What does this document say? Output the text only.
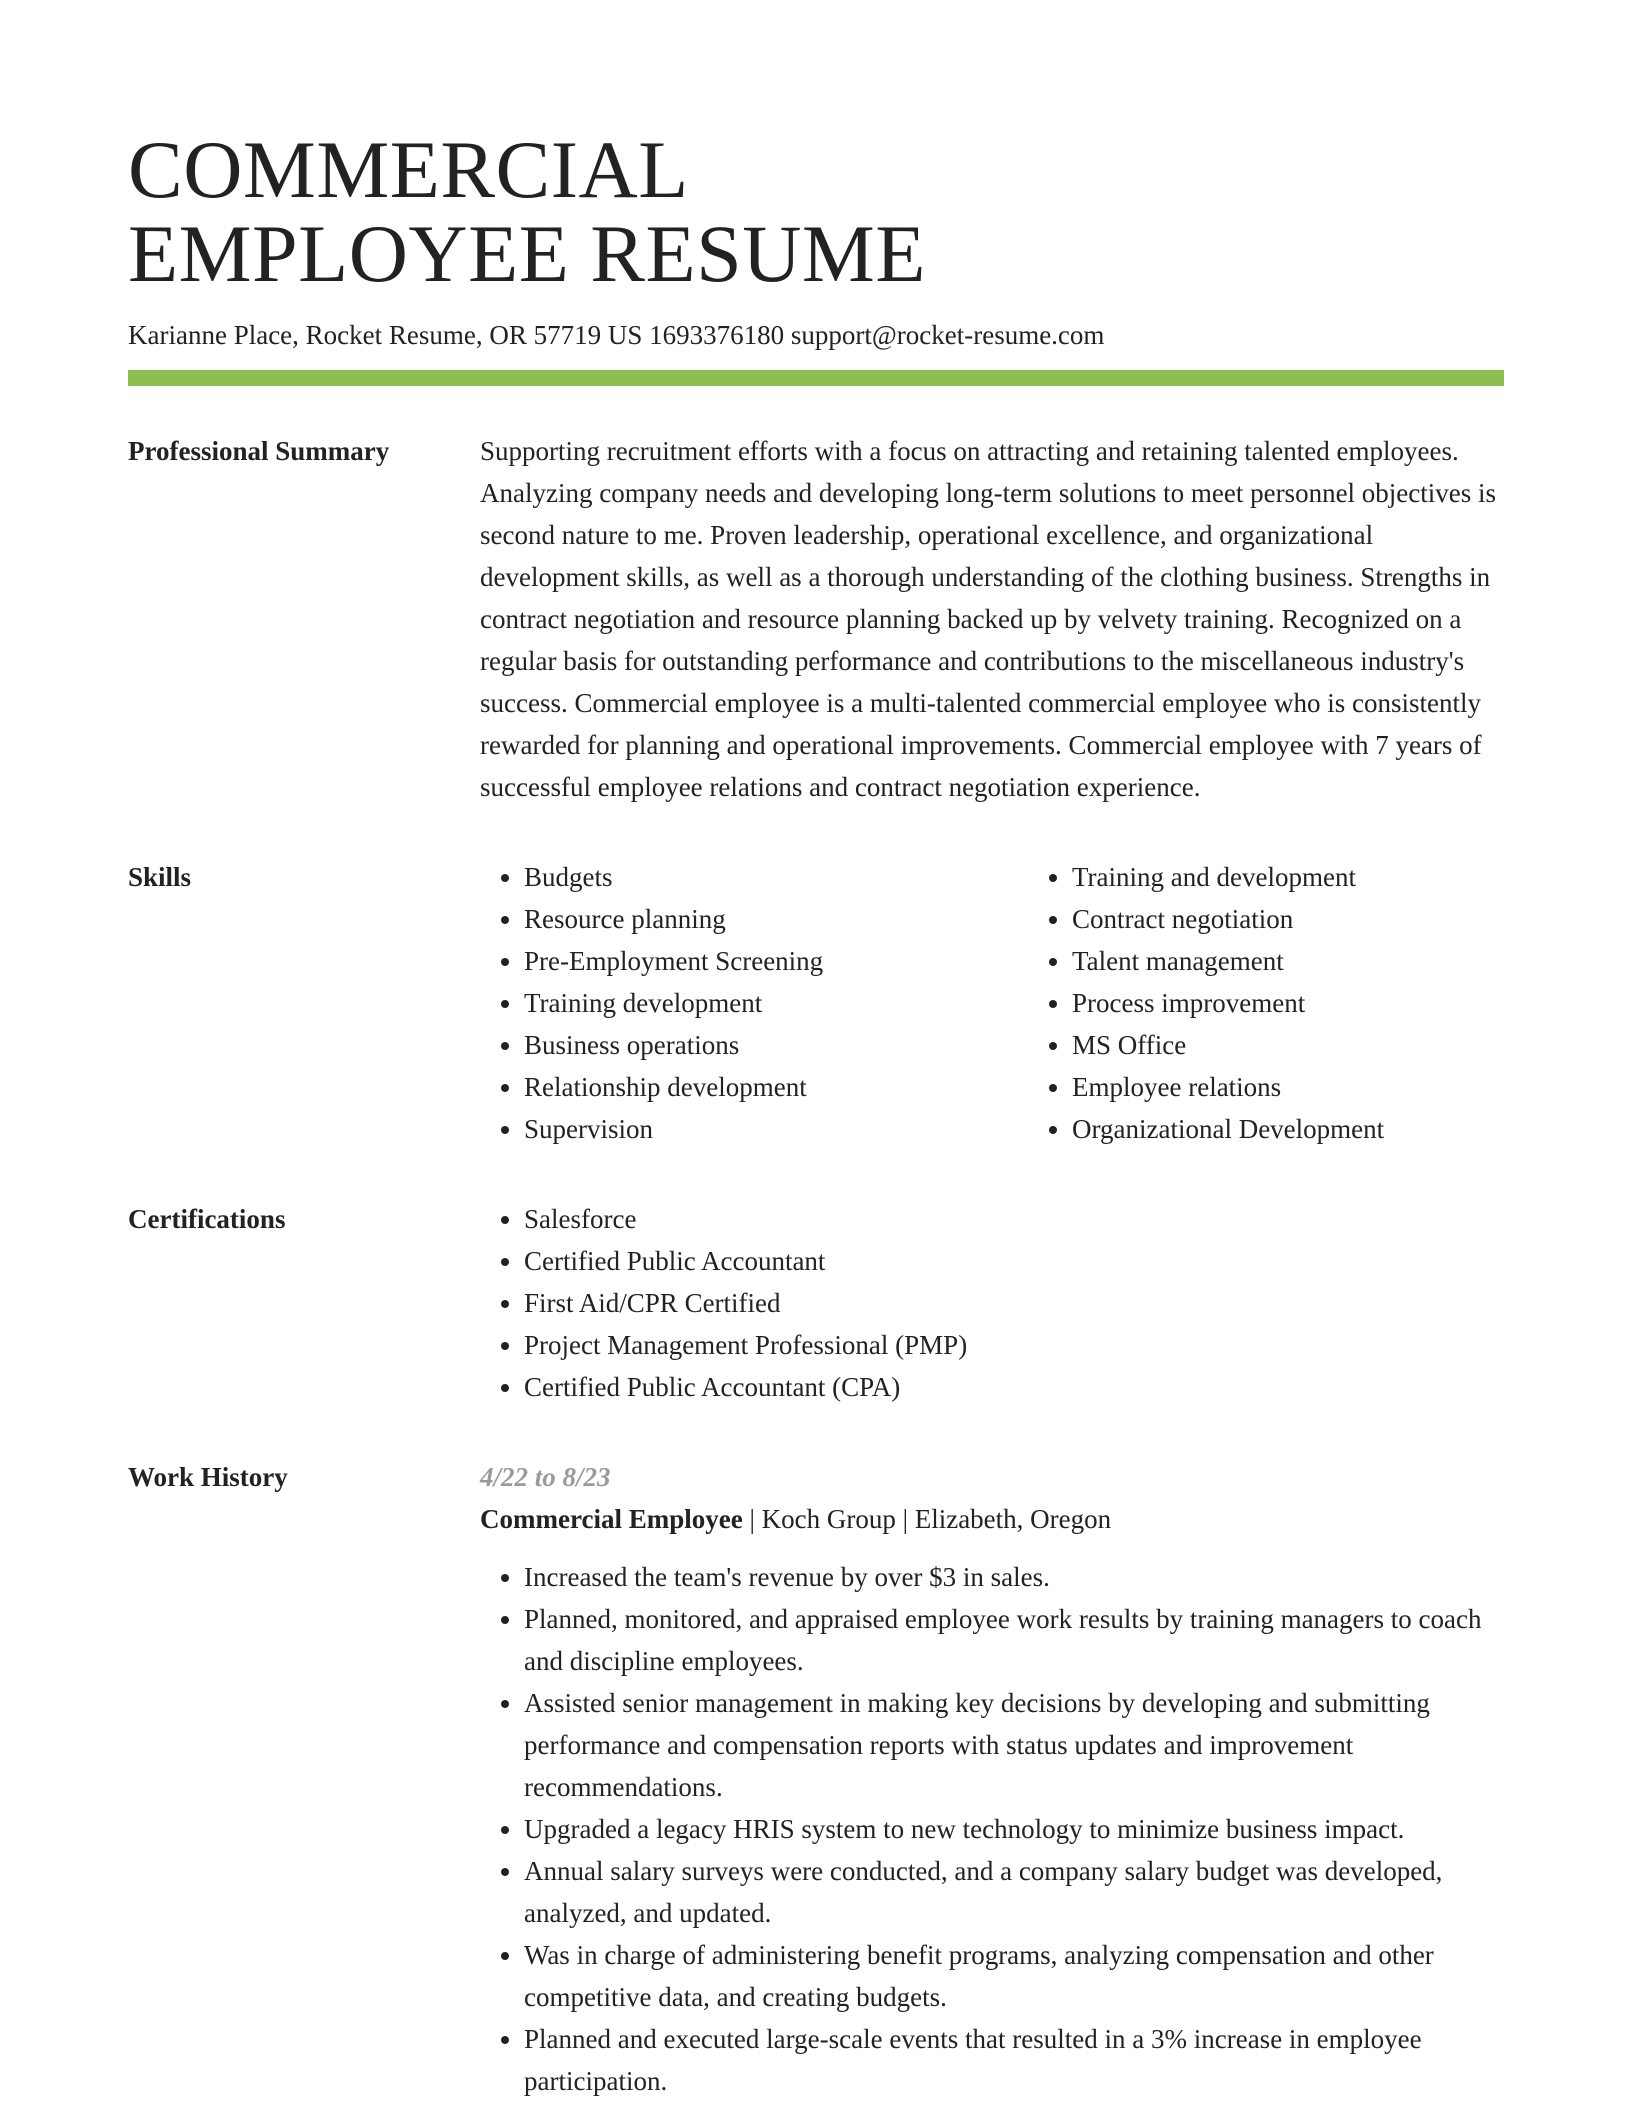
COMMERCIAL
EMPLOYEE RESUME
Karianne Place, Rocket Resume, OR 57719 US 1693376180 support@rocket-resume.com
Professional Summary	Supporting recruitment efforts with a focus on attracting and retaining talented employees. Analyzing company needs and developing long-term solutions to meet personnel objectives is second nature to me. Proven leadership, operational excellence, and organizational development skills, as well as a thorough understanding of the clothing business. Strengths in contract negotiation and resource planning backed up by velvety training. Recognized on a regular basis for outstanding performance and contributions to the miscellaneous industry's success. Commercial employee is a multi-talented commercial employee who is consistently rewarded for planning and operational improvements. Commercial employee with 7 years of successful employee relations and contract negotiation experience.

Skills	• Budgets
• Resource planning
• Pre-Employment Screening
• Training development
• Business operations
• Relationship development
• Supervision
• Training and development
• Contract negotiation
• Talent management
• Process improvement
• MS Office
• Employee relations
• Organizational Development
Certifications	• Salesforce
• Certified Public Accountant
• First Aid/CPR Certified
• Project Management Professional (PMP)
• Certified Public Accountant (CPA)
Work History	4/22 to 8/23
Commercial Employee | Koch Group | Elizabeth, Oregon
• Increased the team's revenue by over $3 in sales.
• Planned, monitored, and appraised employee work results by training managers to coach and discipline employees.
• Assisted senior management in making key decisions by developing and submitting performance and compensation reports with status updates and improvement recommendations.
• Upgraded a legacy HRIS system to new technology to minimize business impact.
• Annual salary surveys were conducted, and a company salary budget was developed, analyzed, and updated.
• Was in charge of administering benefit programs, analyzing compensation and other competitive data, and creating budgets.
• Planned and executed large-scale events that resulted in a 3% increase in employee participation.
